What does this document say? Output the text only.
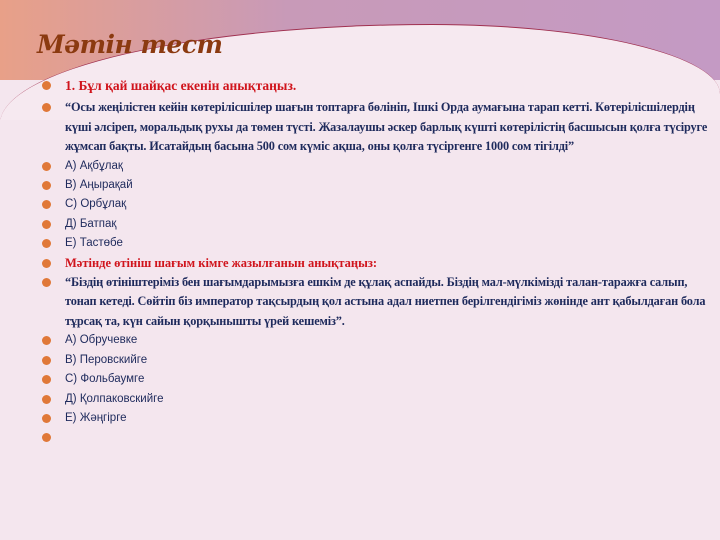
Мәтін тест
1. Бұл қай шайқас екенін анықтаңыз.
“Осы жеңілістен кейін көтерілісшілер шағын топтарға бөлініп, Ішкі Орда аумағына тарап кетті. Көтерілісшілердің күші әлсіреп, моральдық рухы да төмен түсті. Жазалаушы әскер барлық күшті көтерілістің басшысын қолға түсіруге жұмсап бақты. Исатайдың басына 500 сом күміс ақша, оны қолға түсіргенге 1000 сом тігілді”
А) Ақбұлақ
В) Аңырақай
С) Орбұлақ
Д) Батпақ
Е) Тастөбе
Мәтінде өтініш шағым кімге жазылғанын анықтаңыз:
“Біздің өтініштеріміз бен шағымдарымызға ешкім де құлақ аспайды. Біздің мал-мүлкімізді талан-таражға салып, тонап кетеді. Сөйтіп біз император тақсырдың қол астына адал ниетпен берілгендігіміз жөнінде ант қабылдаған бола тұрсақ та, күн сайын қорқынышты үрей кешеміз”.
А) Обручевке
В) Перовскийге
С) Фольбаумге
Д) Қолпаковскийге
Е) Жәңгірге
